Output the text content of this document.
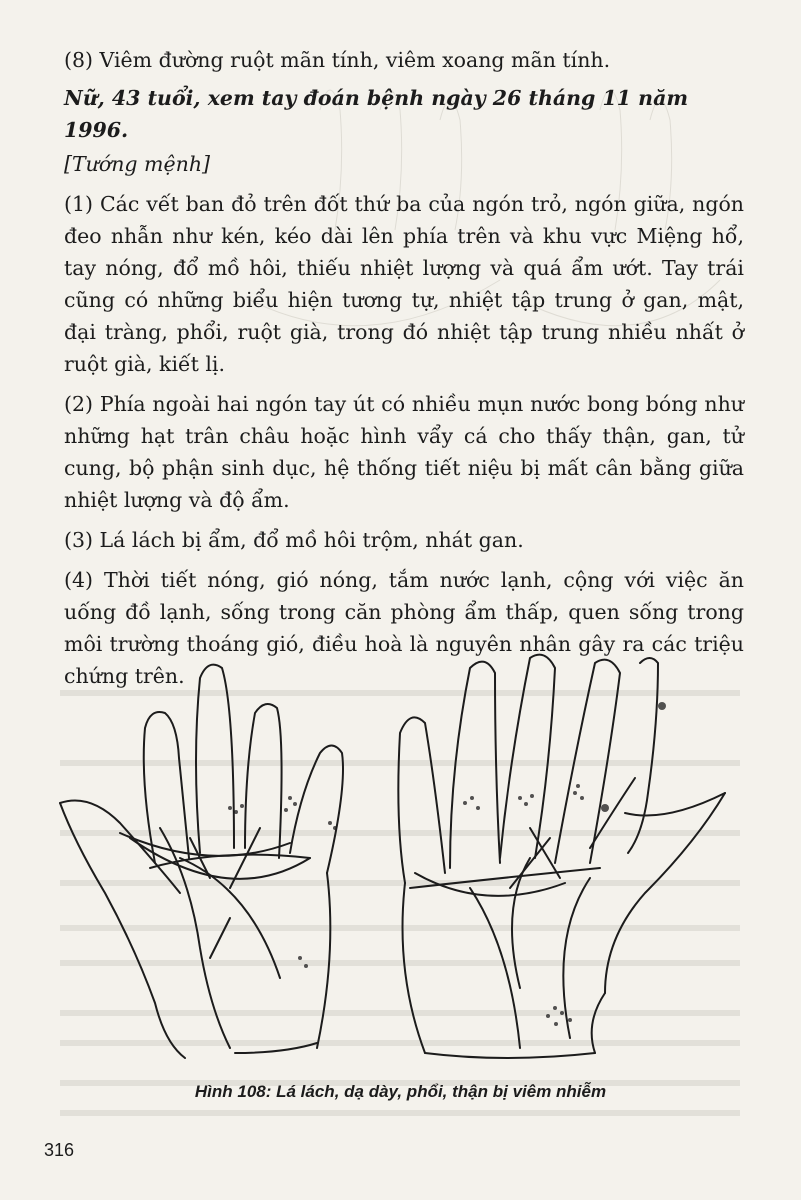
(8) Viêm đường ruột mãn tính, viêm xoang mãn tính.

Nữ, 43 tuổi, xem tay đoán bệnh ngày 26 tháng 11 năm 1996.

[Tướng mệnh]

(1) Các vết ban đỏ trên đốt thứ ba của ngón trỏ, ngón giữa, ngón đeo nhẫn như kén, kéo dài lên phía trên và khu vực Miệng hổ, tay nóng, đổ mồ hôi, thiếu nhiệt lượng và quá ẩm ướt. Tay trái cũng có những biểu hiện tương tự, nhiệt tập trung ở gan, mật, đại tràng, phổi, ruột già, trong đó nhiệt tập trung nhiều nhất ở ruột già, kiết lị.

(2) Phía ngoài hai ngón tay út có nhiều mụn nước bong bóng như những hạt trân châu hoặc hình vẩy cá cho thấy thận, gan, tử cung, bộ phận sinh dục, hệ thống tiết niệu bị mất cân bằng giữa nhiệt lượng và độ ẩm.

(3) Lá lách bị ẩm, đổ mồ hôi trộm, nhát gan.

(4) Thời tiết nóng, gió nóng, tắm nước lạnh, cộng với việc ăn uống đồ lạnh, sống trong căn phòng ẩm thấp, quen sống trong môi trường thoáng gió, điều hoà là nguyên nhân gây ra các triệu chứng trên.

Hình 108: Lá lách, dạ dày, phổi, thận bị viêm nhiễm
316
